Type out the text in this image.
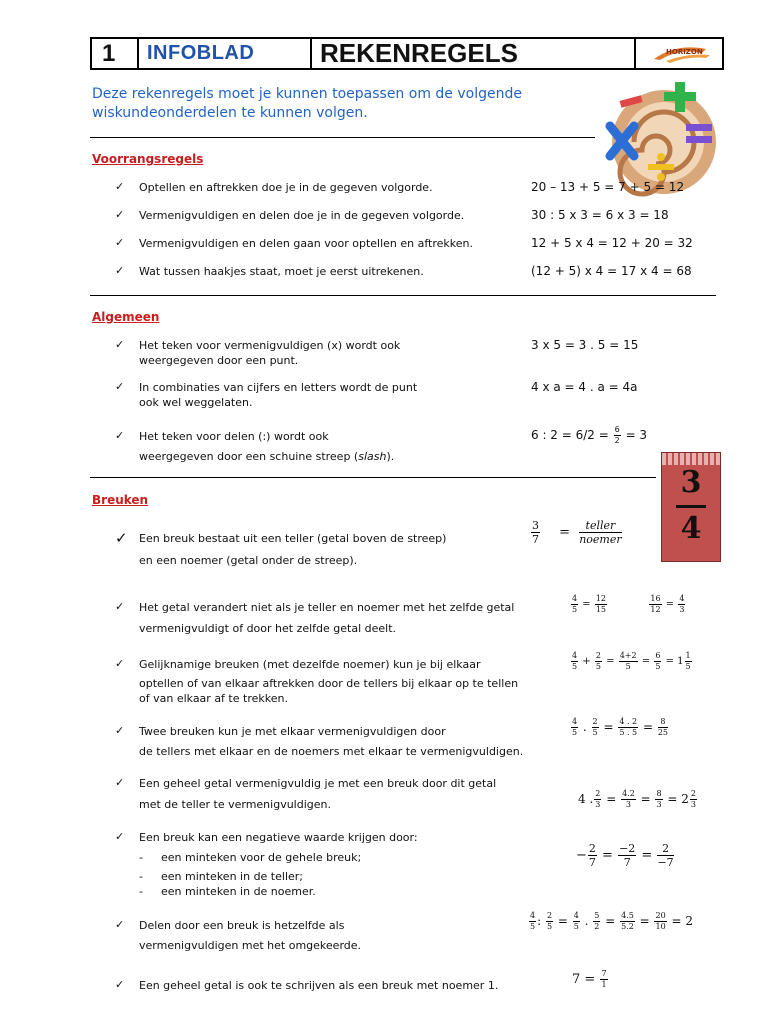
1	INFOBLAD	REKENREGELS	HORIZON
Deze rekenregels moet je kunnen toepassen om de volgende
wiskundeonderdelen te kunnen volgen.
Voorrangsregels
✓ Optellen en aftrekken doe je in de gegeven volgorde.	20 – 13 + 5 = 7 + 5 = 12
✓ Vermenigvuldigen en delen doe je in de gegeven volgorde.	30 : 5 x 3 = 6 x 3 = 18
✓ Vermenigvuldigen en delen gaan voor optellen en aftrekken.	12 + 5 x 4 = 12 + 20 = 32
✓ Wat tussen haakjes staat, moet je eerst uitrekenen.	(12 + 5) x 4 = 17 x 4 = 68
Algemeen
✓ Het teken voor vermenigvuldigen (x) wordt ook
weergegeven door een punt.
3 x 5 = 3 . 5 = 15
✓ In combinaties van cijfers en letters wordt de punt
ook wel weggelaten.
4 x a = 4 . a = 4a
✓ Het teken voor delen (:) wordt ook
weergegeven door een schuine streep (slash).
6 : $2 = 6/2 = \frac{6}{2} = 3$
3
4
Breuken
✓ Een breuk bestaat uit een teller (getal boven de streep)
en een noemer (getal onder de streep).
$\frac{3}{7} = \frac{\text{teller}}{\text{noemer}}$
✓ Het getal verandert niet als je teller en noemer met het zelfde getal
vermenigvuldigt of door het zelfde getal deelt.
$\frac{4}{5} = \frac{12}{15}$
	$\frac{16}{12} = \frac{4}{3}$
✓ Gelijknamige breuken (met dezelfde noemer) kun je bij elkaar
optellen of van elkaar aftrekken door de tellers bij elkaar op te tellen
of van elkaar af te trekken.
$\frac{4}{5} + \frac{2}{5} = \frac{4+2}{5} = \frac{6}{5} = 1 \frac{1}{5}$
✓ Twee breuken kun je met elkaar vermenigvuldigen door
de tellers met elkaar en de noemers met elkaar te vermenigvuldigen.
$\frac{4}{5}$ . $\frac{2}{5} = \frac{4 . 2}{5 . 5} = \frac{8}{25}$
✓ Een geheel getal vermenigvuldig je met een breuk door dit getal
met de teller te vermenigvuldigen.	4 . $\frac{2}{3} = \frac{4.2}{3} = \frac{8}{3} = 2 \frac{2}{3}$
✓ Een breuk kan een negatieve waarde krijgen door:
- een minteken voor de gehele breuk;
- een minteken in de teller;
- een minteken in de noemer.
− $\frac{2}{7} = \frac{-2}{7} = \frac{2}{-7}$
✓ Delen door een breuk is hetzelfde als
vermenigvuldigen met het omgekeerde.
$\frac{4}{5}$ : $\frac{2}{5} = \frac{4}{5}$ . $\frac{5}{2} = \frac{4.5}{5.2} = \frac{20}{10} = 2$
✓ Een geheel getal is ook te schrijven als een breuk met noemer 1.	$7 = \frac{7}{1}$
